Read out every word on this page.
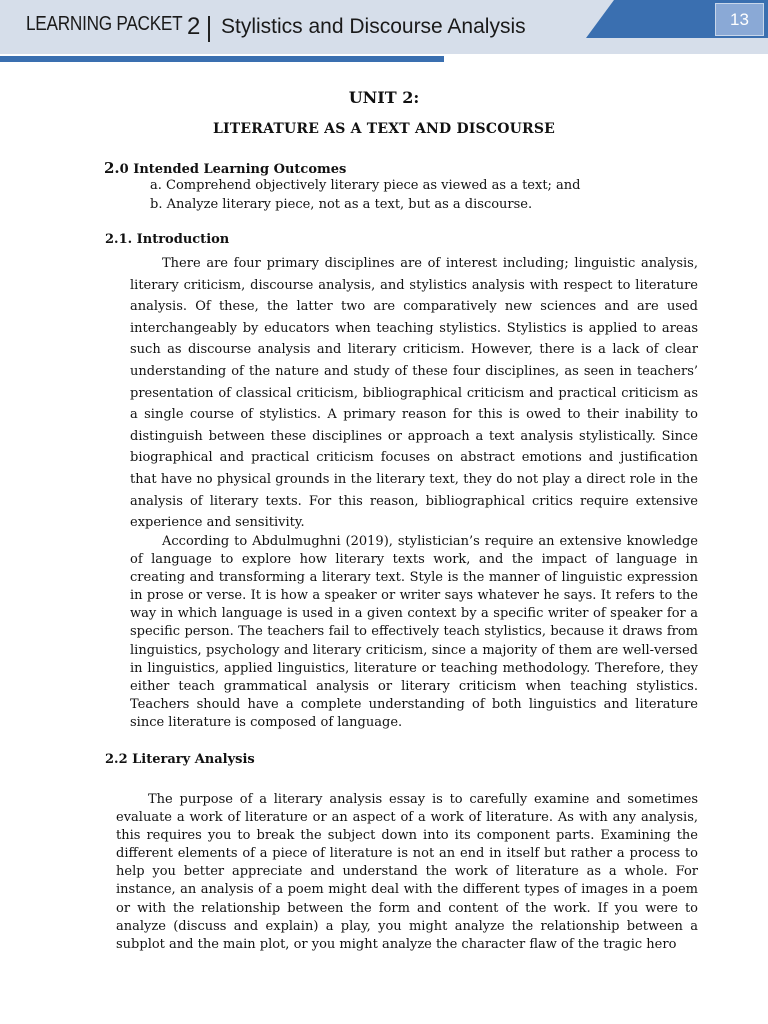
LEARNING PACKET 2 Stylistics and Discourse Analysis	13
UNIT 2:
LITERATURE AS A TEXT AND DISCOURSE
2.0 Intended Learning Outcomes
a. Comprehend objectively literary piece as viewed as a text; and
b. Analyze literary piece, not as a text, but as a discourse.
2.1. Introduction

There are four primary disciplines are of interest including; linguistic analysis, literary criticism, discourse analysis, and stylistics analysis with respect to literature analysis. Of these, the latter two are comparatively new sciences and are used interchangeably by educators when teaching stylistics. Stylistics is applied to areas such as discourse analysis and literary criticism. However, there is a lack of clear understanding of the nature and study of these four disciplines, as seen in teachers’ presentation of classical criticism, bibliographical criticism and practical criticism as a single course of stylistics. A primary reason for this is owed to their inability to distinguish between these disciplines or approach a text analysis stylistically. Since biographical and practical criticism focuses on abstract emotions and justification that have no physical grounds in the literary text, they do not play a direct role in the analysis of literary texts. For this reason, bibliographical critics require extensive experience and sensitivity.

According to Abdulmughni (2019), stylistician’s require an extensive knowledge of language to explore how literary texts work, and the impact of language in creating and transforming a literary text. Style is the manner of linguistic expression in prose or verse. It is how a speaker or writer says whatever he says. It refers to the way in which language is used in a given context by a specific writer of speaker for a specific person. The teachers fail to effectively teach stylistics, because it draws from linguistics, psychology and literary criticism, since a majority of them are well-versed in linguistics, applied linguistics, literature or teaching methodology. Therefore, they either teach grammatical analysis or literary criticism when teaching stylistics. Teachers should have a complete understanding of both linguistics and literature since literature is composed of language.

2.2 Literary Analysis

The purpose of a literary analysis essay is to carefully examine and sometimes evaluate a work of literature or an aspect of a work of literature. As with any analysis, this requires you to break the subject down into its component parts. Examining the different elements of a piece of literature is not an end in itself but rather a process to help you better appreciate and understand the work of literature as a whole. For instance, an analysis of a poem might deal with the different types of images in a poem or with the relationship between the form and content of the work. If you were to analyze (discuss and explain) a play, you might analyze the relationship between a subplot and the main plot, or you might analyze the character flaw of the tragic hero
